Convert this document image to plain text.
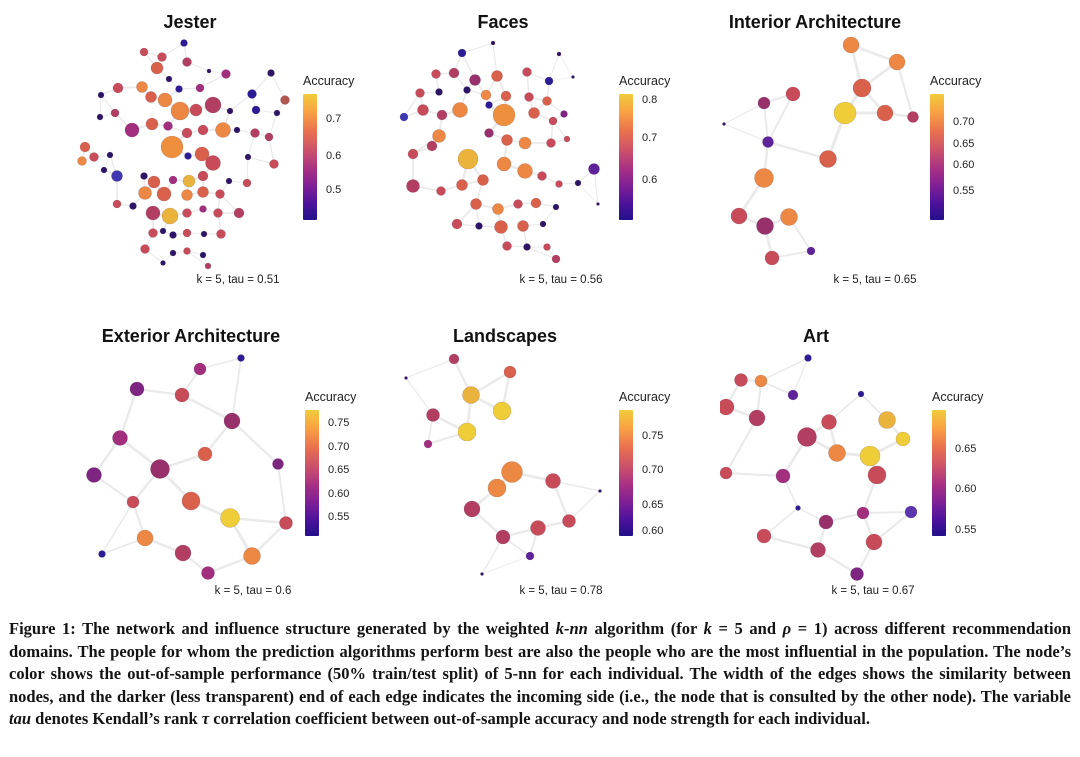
Jester
Accuracy
0.7
0.6
0.5
k = 5, tau = 0.51
Faces
Accuracy
0.8
0.7
0.6
k = 5, tau = 0.56
Interior Architecture
Accuracy
0.70
0.65
0.60
0.55
k = 5, tau = 0.65
Exterior Architecture
Accuracy
0.75
0.70
0.65
0.60
0.55
k = 5, tau = 0.6
Landscapes
Accuracy
0.75
0.70
0.65
0.60
k = 5, tau = 0.78
Art
Accuracy
0.65
0.60
0.55
k = 5, tau = 0.67

Figure 1: The network and influence structure generated by the weighted k-nn algorithm (for k = 5 and ρ = 1) across different recommendation domains. The people for whom the prediction algorithms perform best are also the people who are the most influential in the population. The node’s color shows the out-of-sample performance (50% train/test split) of 5-nn for each individual. The width of the edges shows the similarity between nodes, and the darker (less transparent) end of each edge indicates the incoming side (i.e., the node that is consulted by the other node). The variable tau denotes Kendall’s rank τ correlation coefficient between out-of-sample accuracy and node strength for each individual.
